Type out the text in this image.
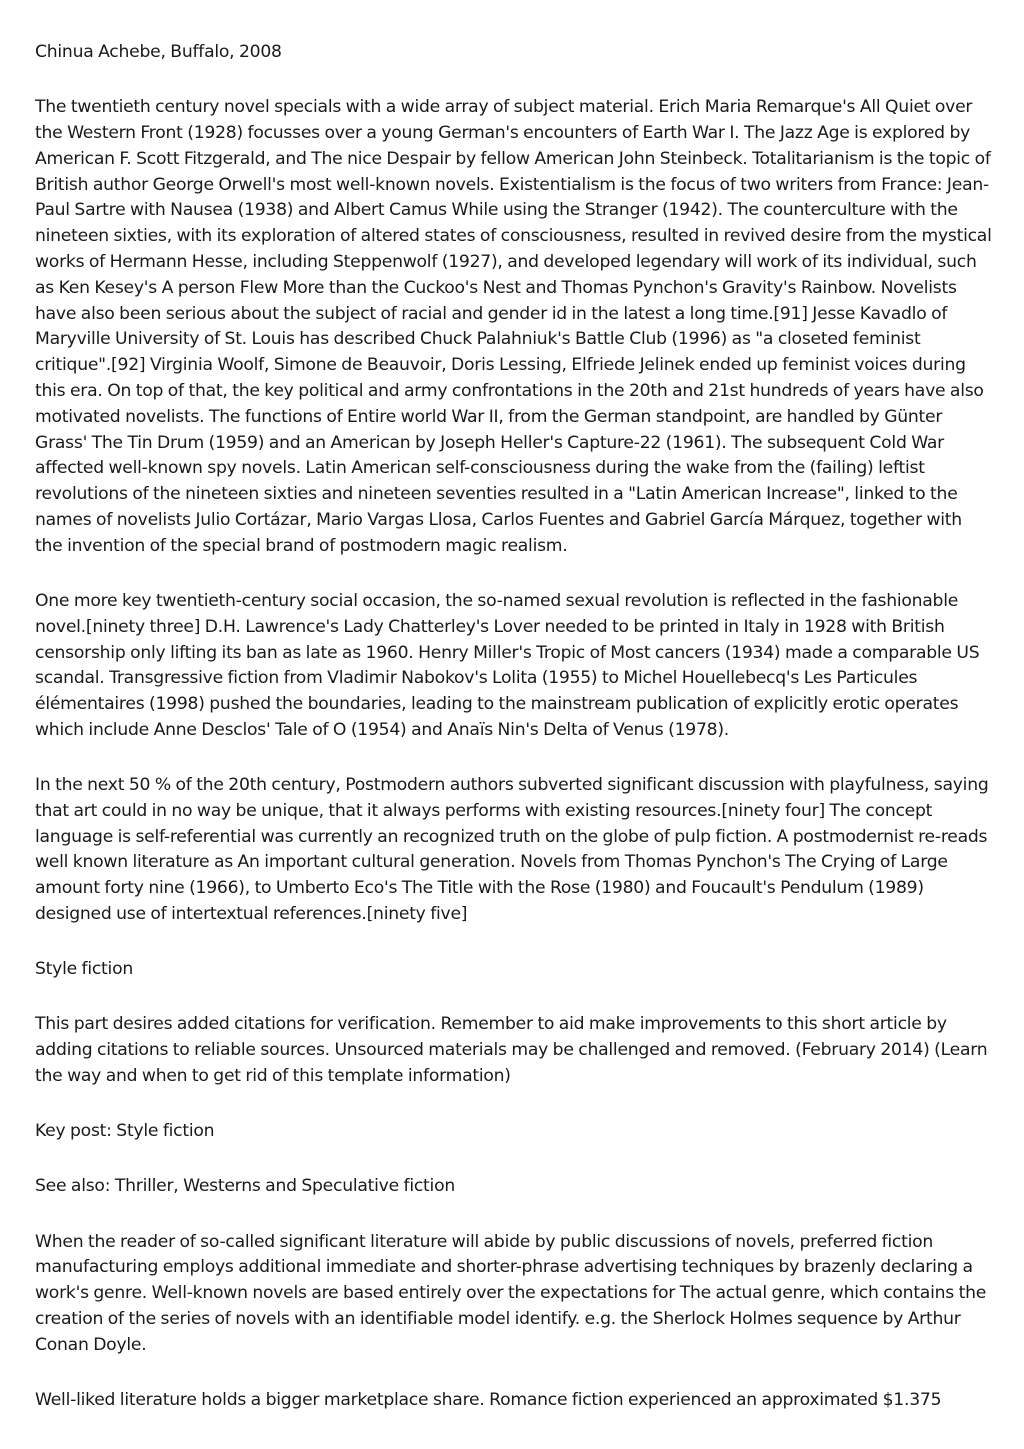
Chinua Achebe, Buffalo, 2008

The twentieth century novel specials with a wide array of subject material. Erich Maria Remarque's All Quiet over the Western Front (1928) focusses over a young German's encounters of Earth War I. The Jazz Age is explored by American F. Scott Fitzgerald, and The nice Despair by fellow American John Steinbeck. Totalitarianism is the topic of British author George Orwell's most well-known novels. Existentialism is the focus of two writers from France: Jean-Paul Sartre with Nausea (1938) and Albert Camus While using the Stranger (1942). The counterculture with the nineteen sixties, with its exploration of altered states of consciousness, resulted in revived desire from the mystical works of Hermann Hesse, including Steppenwolf (1927), and developed legendary will work of its individual, such as Ken Kesey's A person Flew More than the Cuckoo's Nest and Thomas Pynchon's Gravity's Rainbow. Novelists have also been serious about the subject of racial and gender id in the latest a long time.[91] Jesse Kavadlo of Maryville University of St. Louis has described Chuck Palahniuk's Battle Club (1996) as "a closeted feminist critique".[92] Virginia Woolf, Simone de Beauvoir, Doris Lessing, Elfriede Jelinek ended up feminist voices during this era. On top of that, the key political and army confrontations in the 20th and 21st hundreds of years have also motivated novelists. The functions of Entire world War II, from the German standpoint, are handled by Günter Grass' The Tin Drum (1959) and an American by Joseph Heller's Capture-22 (1961). The subsequent Cold War affected well-known spy novels. Latin American self-consciousness during the wake from the (failing) leftist revolutions of the nineteen sixties and nineteen seventies resulted in a "Latin American Increase", linked to the names of novelists Julio Cortázar, Mario Vargas Llosa, Carlos Fuentes and Gabriel García Márquez, together with the invention of the special brand of postmodern magic realism.

One more key twentieth-century social occasion, the so-named sexual revolution is reflected in the fashionable novel.[ninety three] D.H. Lawrence's Lady Chatterley's Lover needed to be printed in Italy in 1928 with British censorship only lifting its ban as late as 1960. Henry Miller's Tropic of Most cancers (1934) made a comparable US scandal. Transgressive fiction from Vladimir Nabokov's Lolita (1955) to Michel Houellebecq's Les Particules élémentaires (1998) pushed the boundaries, leading to the mainstream publication of explicitly erotic operates which include Anne Desclos' Tale of O (1954) and Anaïs Nin's Delta of Venus (1978).

In the next 50 % of the 20th century, Postmodern authors subverted significant discussion with playfulness, saying that art could in no way be unique, that it always performs with existing resources.[ninety four] The concept language is self-referential was currently an recognized truth on the globe of pulp fiction. A postmodernist re-reads well known literature as An important cultural generation. Novels from Thomas Pynchon's The Crying of Large amount forty nine (1966), to Umberto Eco's The Title with the Rose (1980) and Foucault's Pendulum (1989) designed use of intertextual references.[ninety five]

Style fiction

This part desires added citations for verification. Remember to aid make improvements to this short article by adding citations to reliable sources. Unsourced materials may be challenged and removed. (February 2014) (Learn the way and when to get rid of this template information)

Key post: Style fiction

See also: Thriller, Westerns and Speculative fiction

When the reader of so-called significant literature will abide by public discussions of novels, preferred fiction manufacturing employs additional immediate and shorter-phrase advertising techniques by brazenly declaring a work's genre. Well-known novels are based entirely over the expectations for The actual genre, which contains the creation of the series of novels with an identifiable model identify. e.g. the Sherlock Holmes sequence by Arthur Conan Doyle.

Well-liked literature holds a bigger marketplace share. Romance fiction experienced an approximated $1.375
